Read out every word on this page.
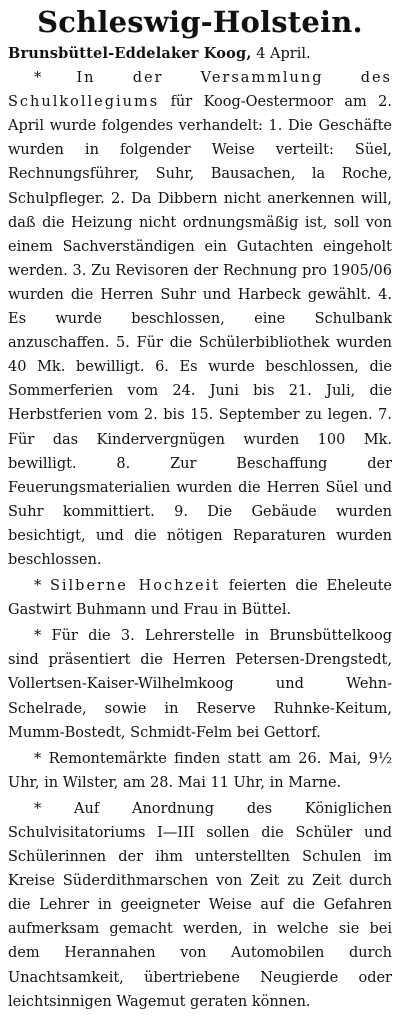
Schleswig-Holstein.

Brunsbüttel-Eddelaker Koog, 4 April.

* In der Versammlung des Schulkollegiums für Koog-Oestermoor am 2. April wurde folgendes verhandelt: 1. Die Geschäfte wurden in folgender Weise verteilt: Süel, Rechnungsführer, Suhr, Bausachen, la Roche, Schulpfleger. 2. Da Dibbern nicht anerkennen will, daß die Heizung nicht ordnungsmäßig ist, soll von einem Sachverständigen ein Gutachten eingeholt werden. 3. Zu Revisoren der Rechnung pro 1905/06 wurden die Herren Suhr und Harbeck gewählt. 4. Es wurde beschlossen, eine Schulbank anzuschaffen. 5. Für die Schülerbibliothek wurden 40 Mk. bewilligt. 6. Es wurde beschlossen, die Sommerferien vom 24. Juni bis 21. Juli, die Herbstferien vom 2. bis 15. September zu legen. 7. Für das Kindervergnügen wurden 100 Mk. bewilligt. 8. Zur Beschaffung der Feuerungsmaterialien wurden die Herren Süel und Suhr kommittiert. 9. Die Gebäude wurden besichtigt, und die nötigen Reparaturen wurden beschlossen.

* Silberne Hochzeit feierten die Eheleute Gastwirt Buhmann und Frau in Büttel.

* Für die 3. Lehrerstelle in Brunsbüttelkoog sind präsentiert die Herren Petersen-Drengstedt, Vollertsen-Kaiser-Wilhelmkoog und Wehn-Schelrade, sowie in Reserve Ruhnke-Keitum, Mumm-Bostedt, Schmidt-Felm bei Gettorf.

* Remontemärkte finden statt am 26. Mai, 9½ Uhr, in Wilster, am 28. Mai 11 Uhr, in Marne.

* Auf Anordnung des Königlichen Schulvisitatoriums I—III sollen die Schüler und Schülerinnen der ihm unterstellten Schulen im Kreise Süderdithmarschen von Zeit zu Zeit durch die Lehrer in geeigneter Weise auf die Gefahren aufmerksam gemacht werden, in welche sie bei dem Herannahen von Automobilen durch Unachtsamkeit, übertriebene Neugierde oder leichtsinnigen Wagemut geraten können.
